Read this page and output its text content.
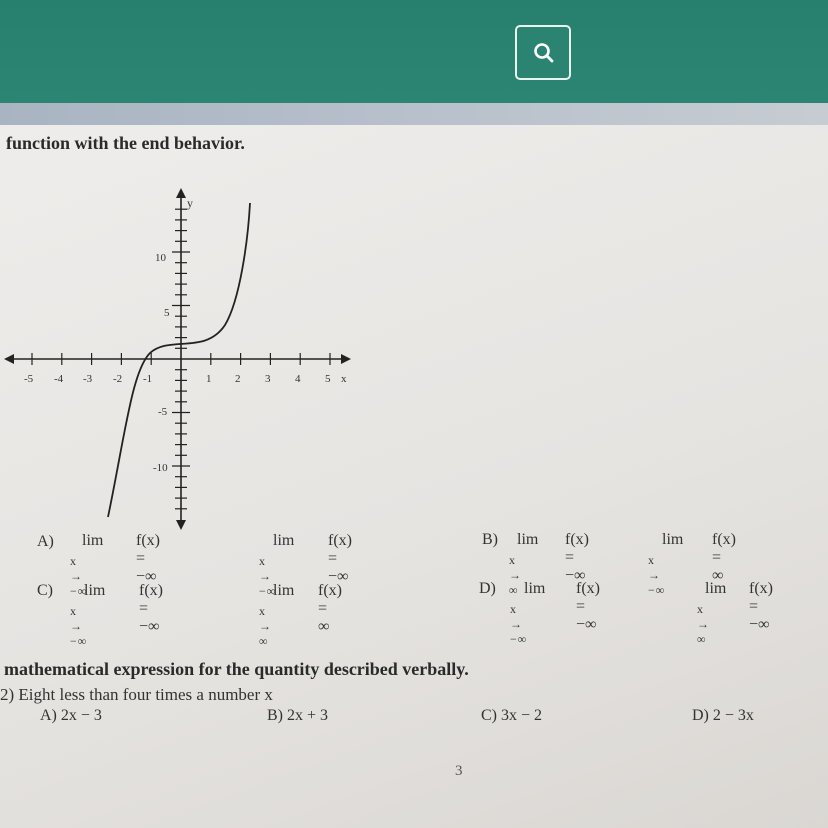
function with the end behavior.
y
-5 -4 -3 -2 -1	1 2 3 4 5 x
10
5
-5
-10
A) lim
x → −∞
f(x) = −∞
lim
x → −∞
f(x) = −∞
B) lim
x → ∞
f(x) = −∞
lim
x → −∞
f(x) = ∞
C) lim
x → −∞
f(x) = −∞
lim
x → ∞
f(x) = ∞
D) lim
x → −∞
f(x) = −∞
lim
x → ∞
f(x) = −∞
mathematical expression for the quantity described verbally.
2) Eight less than four times a number x
A) 2x − 3	B) 2x + 3	C) 3x − 2	D) 2 − 3x
3
